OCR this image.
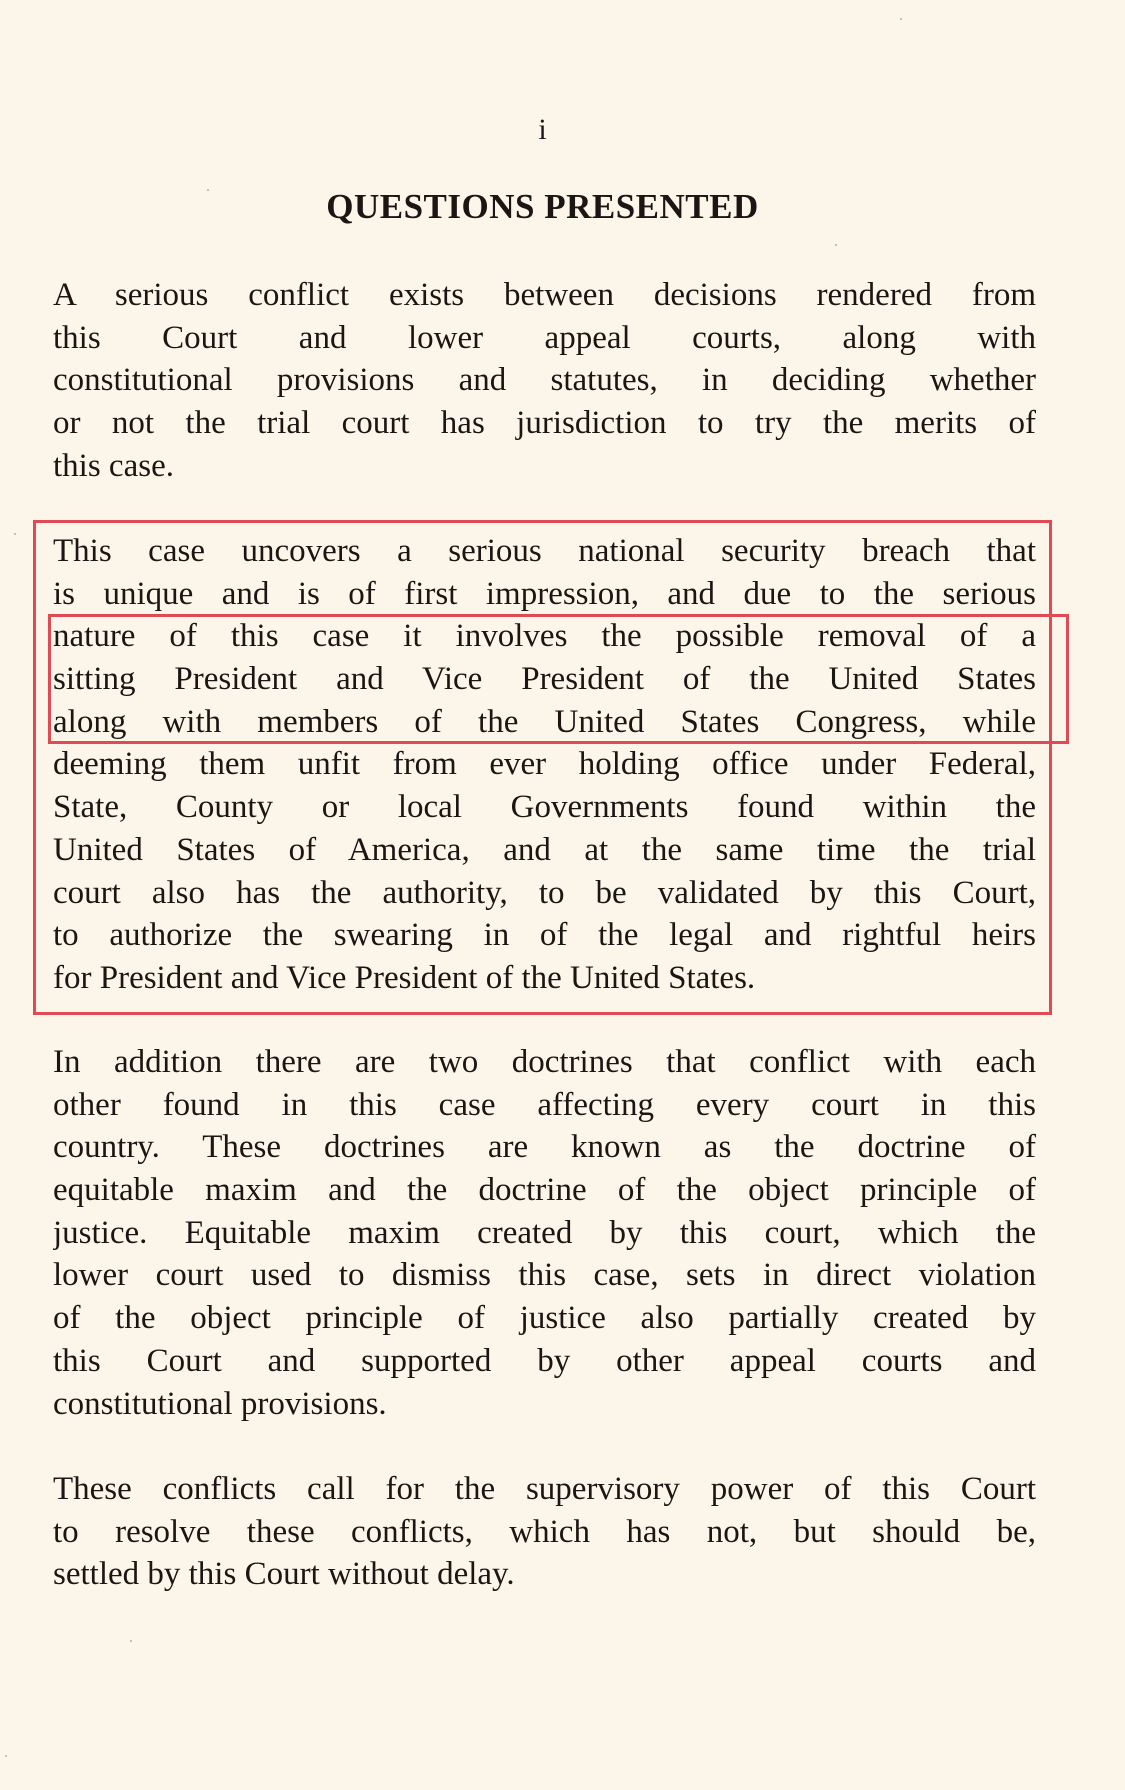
i
QUESTIONS PRESENTED
A serious conflict exists between decisions rendered from
this Court and lower appeal courts, along with
constitutional provisions and statutes, in deciding whether
or not the trial court has jurisdiction to try the merits of
this case.
This case uncovers a serious national security breach that
is unique and is of first impression, and due to the serious
nature of this case it involves the possible removal of a
sitting President and Vice President of the United States
along with members of the United States Congress, while
deeming them unfit from ever holding office under Federal,
State, County or local Governments found within the
United States of America, and at the same time the trial
court also has the authority, to be validated by this Court,
to authorize the swearing in of the legal and rightful heirs
for President and Vice President of the United States.
In addition there are two doctrines that conflict with each
other found in this case affecting every court in this
country. These doctrines are known as the doctrine of
equitable maxim and the doctrine of the object principle of
justice. Equitable maxim created by this court, which the
lower court used to dismiss this case, sets in direct violation
of the object principle of justice also partially created by
this Court and supported by other appeal courts and
constitutional provisions.
These conflicts call for the supervisory power of this Court
to resolve these conflicts, which has not, but should be,
settled by this Court without delay.
